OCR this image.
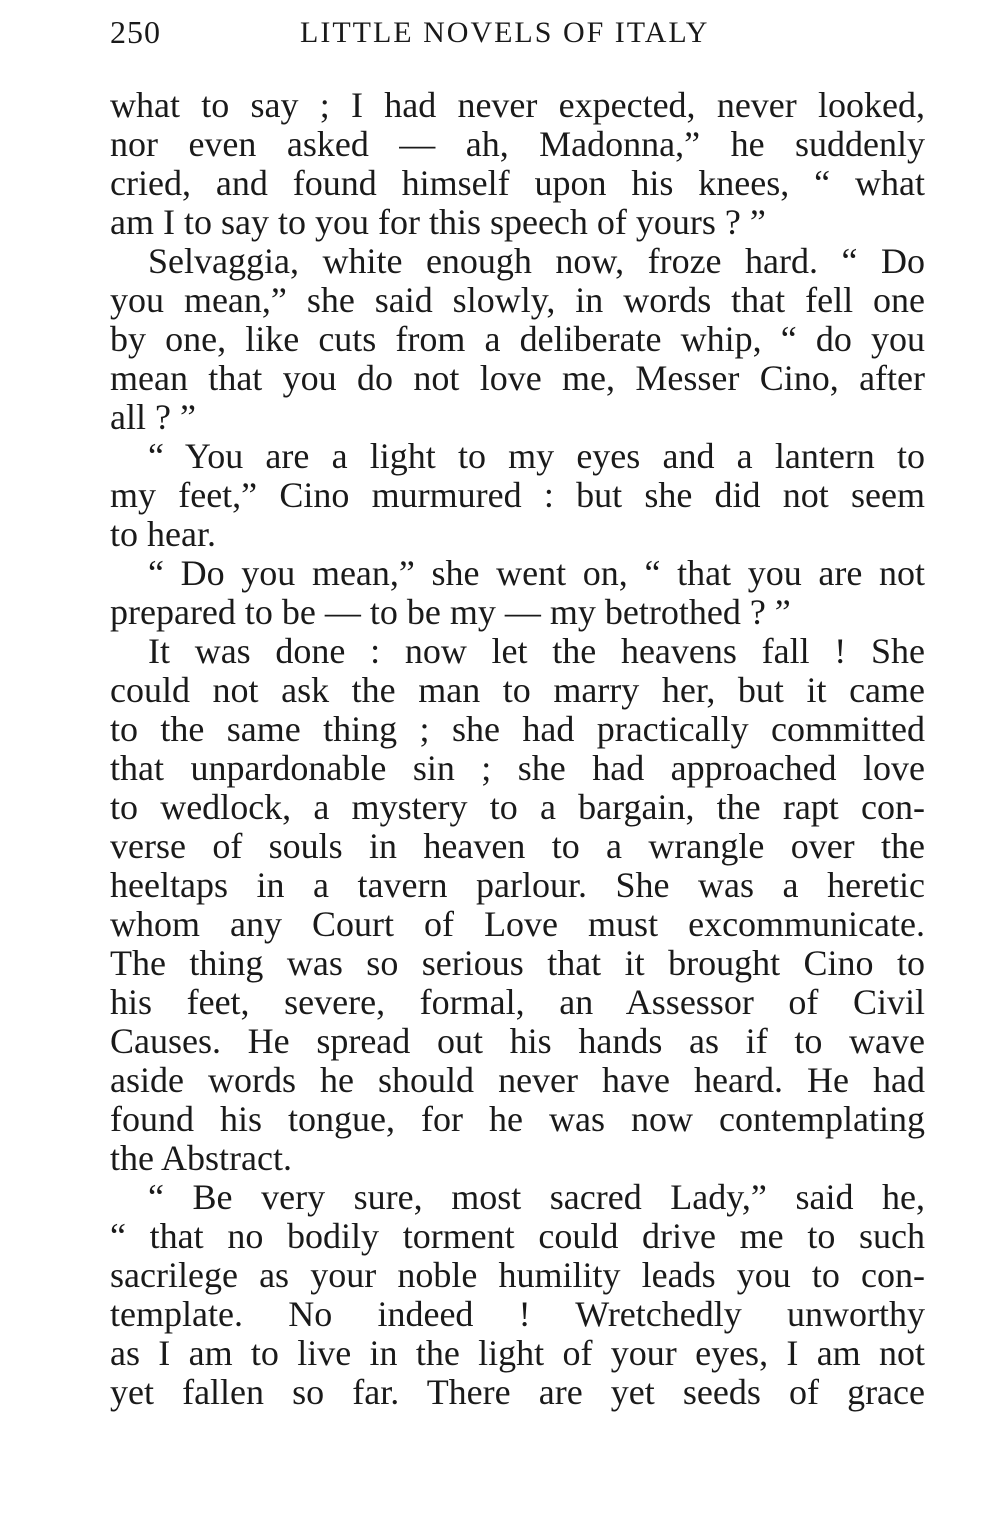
250	LITTLE NOVELS OF ITALY
what to say ; I had never expected, never looked,
nor even asked — ah, Madonna,” he suddenly
cried, and found himself upon his knees, “ what
am I to say to you for this speech of yours ? ”
Selvaggia, white enough now, froze hard. “ Do
you mean,” she said slowly, in words that fell one
by one, like cuts from a deliberate whip, “ do you
mean that you do not love me, Messer Cino, after
all ? ”
“ You are a light to my eyes and a lantern to
my feet,” Cino murmured : but she did not seem
to hear.
“ Do you mean,” she went on, “ that you are not
prepared to be — to be my — my betrothed ? ”
It was done : now let the heavens fall ! She
could not ask the man to marry her, but it came
to the same thing ; she had practically committed
that unpardonable sin ; she had approached love
to wedlock, a mystery to a bargain, the rapt con-
verse of souls in heaven to a wrangle over the
heeltaps in a tavern parlour. She was a heretic
whom any Court of Love must excommunicate.
The thing was so serious that it brought Cino to
his feet, severe, formal, an Assessor of Civil
Causes. He spread out his hands as if to wave
aside words he should never have heard. He had
found his tongue, for he was now contemplating
the Abstract.
“ Be very sure, most sacred Lady,” said he,
“ that no bodily torment could drive me to such
sacrilege as your noble humility leads you to con-
template. No indeed ! Wretchedly unworthy
as I am to live in the light of your eyes, I am not
yet fallen so far. There are yet seeds of grace
